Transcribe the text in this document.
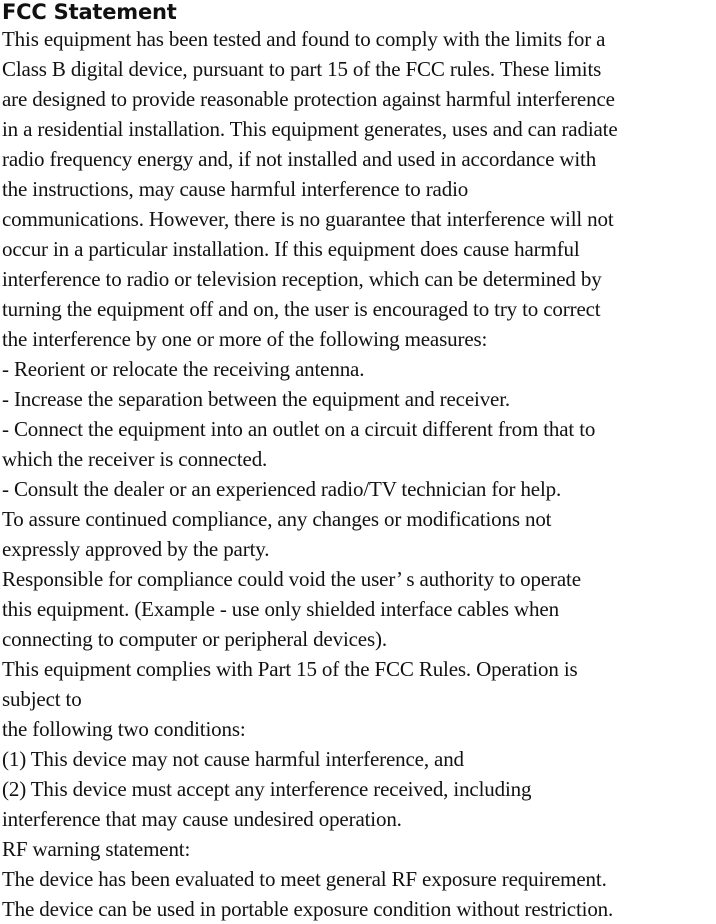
FCC Statement
This equipment has been tested and found to comply with the limits for a
Class B digital device, pursuant to part 15 of the FCC rules. These limits
are designed to provide reasonable protection against harmful interference
in a residential installation. This equipment generates, uses and can radiate
radio frequency energy and, if not installed and used in accordance with
the instructions, may cause harmful interference to radio
communications. However, there is no guarantee that interference will not
occur in a particular installation. If this equipment does cause harmful
interference to radio or television reception, which can be determined by
turning the equipment off and on, the user is encouraged to try to correct
the interference by one or more of the following measures:
‐ Reorient or relocate the receiving antenna.
‐ Increase the separation between the equipment and receiver.
‐ Connect the equipment into an outlet on a circuit different from that to
which the receiver is connected.
‐ Consult the dealer or an experienced radio/TV technician for help.
To assure continued compliance, any changes or modifications not
expressly approved by the party.
Responsible for compliance could void the user’ s authority to operate
this equipment. (Example ‐ use only shielded interface cables when
connecting to computer or peripheral devices).
This equipment complies with Part 15 of the FCC Rules. Operation is
subject to
the following two conditions:
(1) This device may not cause harmful interference, and
(2) This device must accept any interference received, including
interference that may cause undesired operation.
RF warning statement:
The device has been evaluated to meet general RF exposure requirement.
The device can be used in portable exposure condition without restriction.
